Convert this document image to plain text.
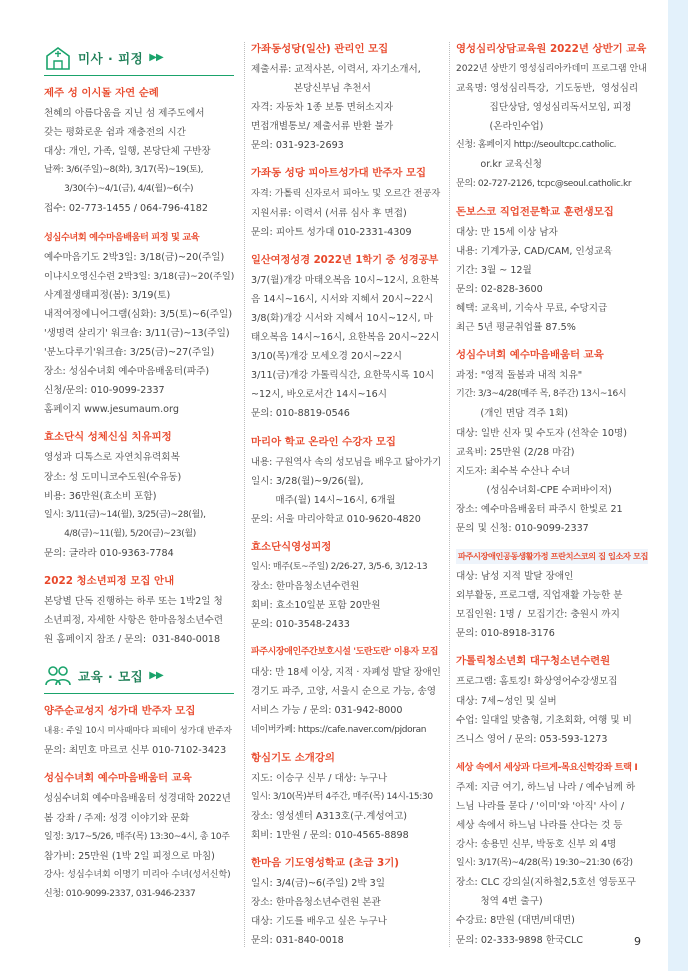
미사 · 피정 ▶▶
제주 성 이시돌 자연 순례
천혜의 아름다움을 지닌 섬 제주도에서
갖는 평화로운 쉼과 재충전의 시간
대상: 개인, 가족, 일행, 본당단체 구반장
날짜: 3/6(주일)~8(화), 3/17(목)~19(토),
3/30(수)~4/1(금), 4/4(월)~6(수)
접수: 02-773-1455 / 064-796-4182
성심수녀회 예수마음배움터 피정 및 교육
예수마음기도 2박3일: 3/18(금)~20(주일)
이냐시오영신수련 2박3일: 3/18(금)~20(주일)
사계절생태피정(봄): 3/19(토)
내적여정에니어그램(심화): 3/5(토)~6(주일)
'생명력 살리기' 워크숍: 3/11(금)~13(주일)
'분노다루기'워크숍: 3/25(금)~27(주일)
장소: 성심수녀회 예수마음배움터(파주)
신청/문의: 010-9099-2337
홈페이지 www.jesumaum.org
효소단식 성체신심 치유피정
영성과 디톡스로 자연치유력회복
장소: 성 도미니코수도원(수유동)
비용: 36만원(효소비 포함)
일시: 3/11(금)~14(월), 3/25(금)~28(월),
4/8(금)~11(월), 5/20(금)~23(월)
문의: 글라라 010-9363-7784
2022 청소년피정 모집 안내
본당별 단독 진행하는 하루 또는 1박2일 청
소년피정, 자세한 사항은 한마음청소년수련
원 홈페이지 참조 / 문의:  031-840-0018
교육 · 모집 ▶▶
양주순교성지 성가대 반주자 모집
내용: 주일 10시 미사때마다 피테이 성가대 반주자
문의: 최민호 마르코 신부 010-7102-3423
성심수녀회 예수마음배움터 교육
성심수녀회 예수마음배움터 성경대학 2022년
봄 강좌 / 주제: 성경 이야기와 문화
일정: 3/17~5/26, 매주(목) 13:30~4시, 총 10주
참가비: 25만원 (1박 2일 피정으로 마침)
강사: 성심수녀회 이명기 미리아 수녀(성서신학)
신청: 010-9099-2337, 031-946-2337
가좌동성당(일산) 관리인 모집
제출서류: 교적사본, 이력서, 자기소개서,
본당신부님 추천서
자격: 자동차 1종 보통 면허소지자
면접개별통보/ 제출서류 반환 불가
문의: 031-923-2693
가좌동 성당 피아트성가대 반주자 모집
자격: 가톨릭 신자로서 피아노 및 오르간 전공자
지원서류: 이력서 (서류 심사 후 면접)
문의: 피아트 성가대 010-2331-4309
일산여정성경 2022년 1학기 중 성경공부
3/7(월)개강 마태오복음 10시~12시, 요한복
음 14시~16시, 시서와 지혜서 20시~22시
3/8(화)개강 시서와 지혜서 10시~12시, 마
태오복음 14시~16시, 요한복음 20시~22시
3/10(목)개강 모세오경 20시~22시
3/11(금)개강 가톨릭식간, 요한묵시록 10시
~12시, 바오로서간 14시~16시
문의: 010-8819-0546
마리아 학교 온라인 수강자 모집
내용: 구원역사 속의 성모님을 배우고 닮아가기
일시: 3/28(월)~9/26(월),
매주(월) 14시~16시, 6개월
문의: 서울 마리아학교 010-9620-4820
효소단식영성피정
일시: 매주(토~주일) 2/26-27, 3/5-6, 3/12-13
장소: 한마음청소년수련원
회비: 효소10일분 포함 20만원
문의: 010-3548-2433
파주시장애인주간보호시설 '도란도란' 이용자 모집
대상: 만 18세 이상, 지적 · 자폐성 발달 장애인
경기도 파주, 고양, 서울시 순으로 가능, 송영
서비스 가능 / 문의: 031-942-8000
네이버카페: https://cafe.naver.com/pjdoran
항심기도 소개강의
지도: 이승구 신부 / 대상: 누구나
일시: 3/10(목)부터 4주간, 매주(목) 14시-15:30
장소: 영성센터 A313호(구.계성여고)
회비: 1만원 / 문의: 010-4565-8898
한마음 기도영성학교 (초급 3기)
일시: 3/4(금)~6(주일) 2박 3일
장소: 한마음청소년수련원 본관
대상: 기도를 배우고 싶은 누구나
문의: 031-840-0018
영성심리상담교육원 2022년 상반기 교육
2022년 상반기 영성심리아카데미 프로그램 안내
교육명: 영성심리특강,  기도동반,  영성심리
집단상담, 영성심리독서모임, 피정
(온라인수업)
신청: 홈페이지 http://seoultcpc.catholic.
or.kr 교육신청
문의: 02-727-2126, tcpc@seoul.catholic.kr
돈보스코 직업전문학교 훈련생모집
대상: 만 15세 이상 남자
내용: 기계가공, CAD/CAM, 인성교육
기간: 3월 ~ 12월
문의: 02-828-3600
혜택: 교육비, 기숙사 무료, 수당지급
최근 5년 평균취업률 87.5%
성심수녀회 예수마음배움터 교육
과정: "영적 돌봄과 내적 치유"
기간: 3/3~4/28(매주 목, 8주간) 13시~16시
(개인 면담 격주 1회)
대상: 일반 신자 및 수도자 (선착순 10명)
교육비: 25만원 (2/28 마감)
지도자: 최수복 수산나 수녀
(성심수녀회-CPE 수퍼바이저)
장소: 예수마음배움터 파주시 한빛로 21
문의 및 신청: 010-9099-2337
파주시장애인공동생활가정 프란치스코의 집 입소자 모집
대상: 남성 지적 발달 장애인
외부활동, 프로그램, 직업재활 가능한 분
모집인원: 1명 /  모집기간: 충원시 까지
문의: 010-8918-3176
가톨릭청소년회 대구청소년수련원
프로그램: 홈토킹! 화상영어수강생모집
대상: 7세~성인 및 실버
수업: 일대일 맞춤형, 기초회화, 여행 및 비
즈니스 영어 / 문의: 053-593-1273
세상 속에서 세상과 다르게-목요신학강좌 트랙 I
주제: 지금 여기, 하느님 나라 / 예수님께 하
느님 나라를 묻다 / '이미'와 '아직' 사이 /
세상 속에서 하느님 나라를 산다는 것 등
강사: 송용민 신부, 박동호 신부 외 4명
일시: 3/17(목)~4/28(목) 19:30~21:30 (6강)
장소: CLC 강의실(지하철2,5호선 영등포구
청역 4번 출구)
수강료: 8만원 (대면/비대면)
문의: 02-333-9898 한국CLC	9
